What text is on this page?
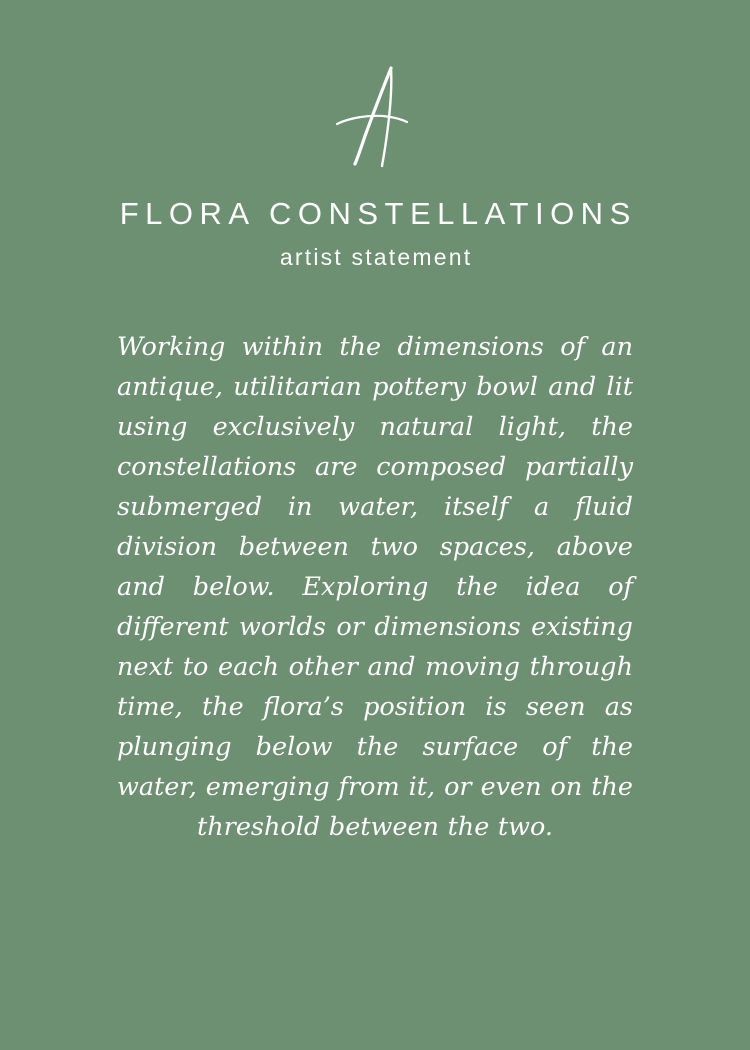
FLORA CONSTELLATIONS
artist statement
Working within the dimensions of an antique, utilitarian pottery bowl and lit using exclusively natural light, the constellations are composed partially submerged in water, itself a fluid division between two spaces, above and below. Exploring the idea of different worlds or dimensions existing next to each other and moving through time, the flora’s position is seen as plunging below the surface of the water, emerging from it, or even on the threshold between the two.
